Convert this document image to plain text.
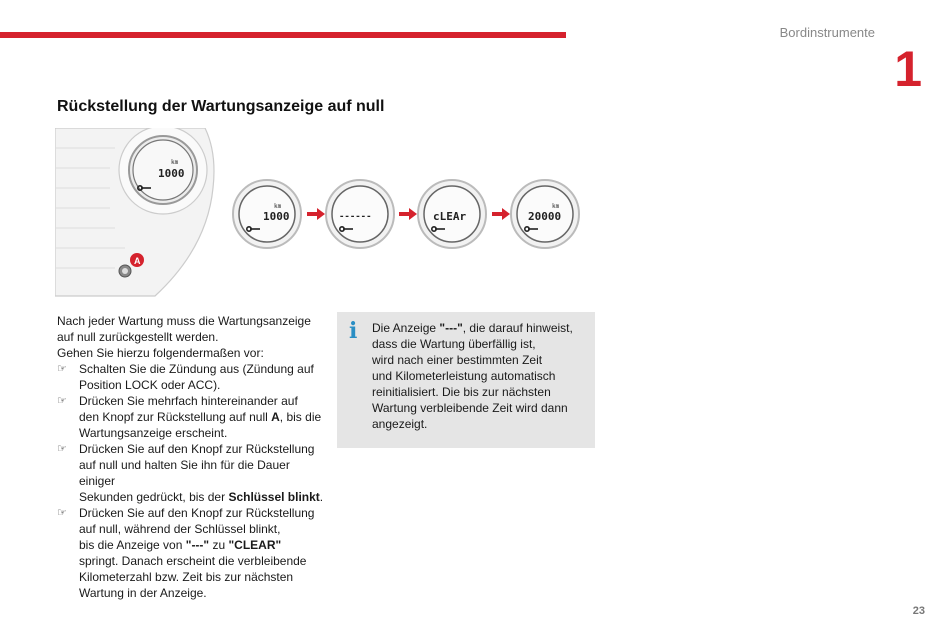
Bordinstrumente
1
Rückstellung der Wartungsanzeige auf null
km
1000
A
km
1000	------	cLEAr
km
20000

Nach jeder Wartung muss die Wartungsanzeige

auf null zurückgestellt werden.

Gehen Sie hierzu folgendermaßen vor:

☞ Schalten Sie die Zündung aus (Zündung auf

Position LOCK oder ACC).

☞ Drücken Sie mehrfach hintereinander auf

den Knopf zur Rückstellung auf null A, bis die

Wartungsanzeige erscheint.

☞ Drücken Sie auf den Knopf zur Rückstellung

auf null und halten Sie ihn für die Dauer einiger

Sekunden gedrückt, bis der Schlüssel blinkt.

☞ Drücken Sie auf den Knopf zur Rückstellung

auf null, während der Schlüssel blinkt,

bis die Anzeige von "---" zu "CLEAR"

springt. Danach erscheint die verbleibende

Kilometerzahl bzw. Zeit bis zur nächsten

Wartung in der Anzeige.

i Die Anzeige "---", die darauf hinweist,
dass die Wartung überfällig ist,
wird nach einer bestimmten Zeit
und Kilometerleistung automatisch
reinitialisiert. Die bis zur nächsten
Wartung verbleibende Zeit wird dann
angezeigt.
23
